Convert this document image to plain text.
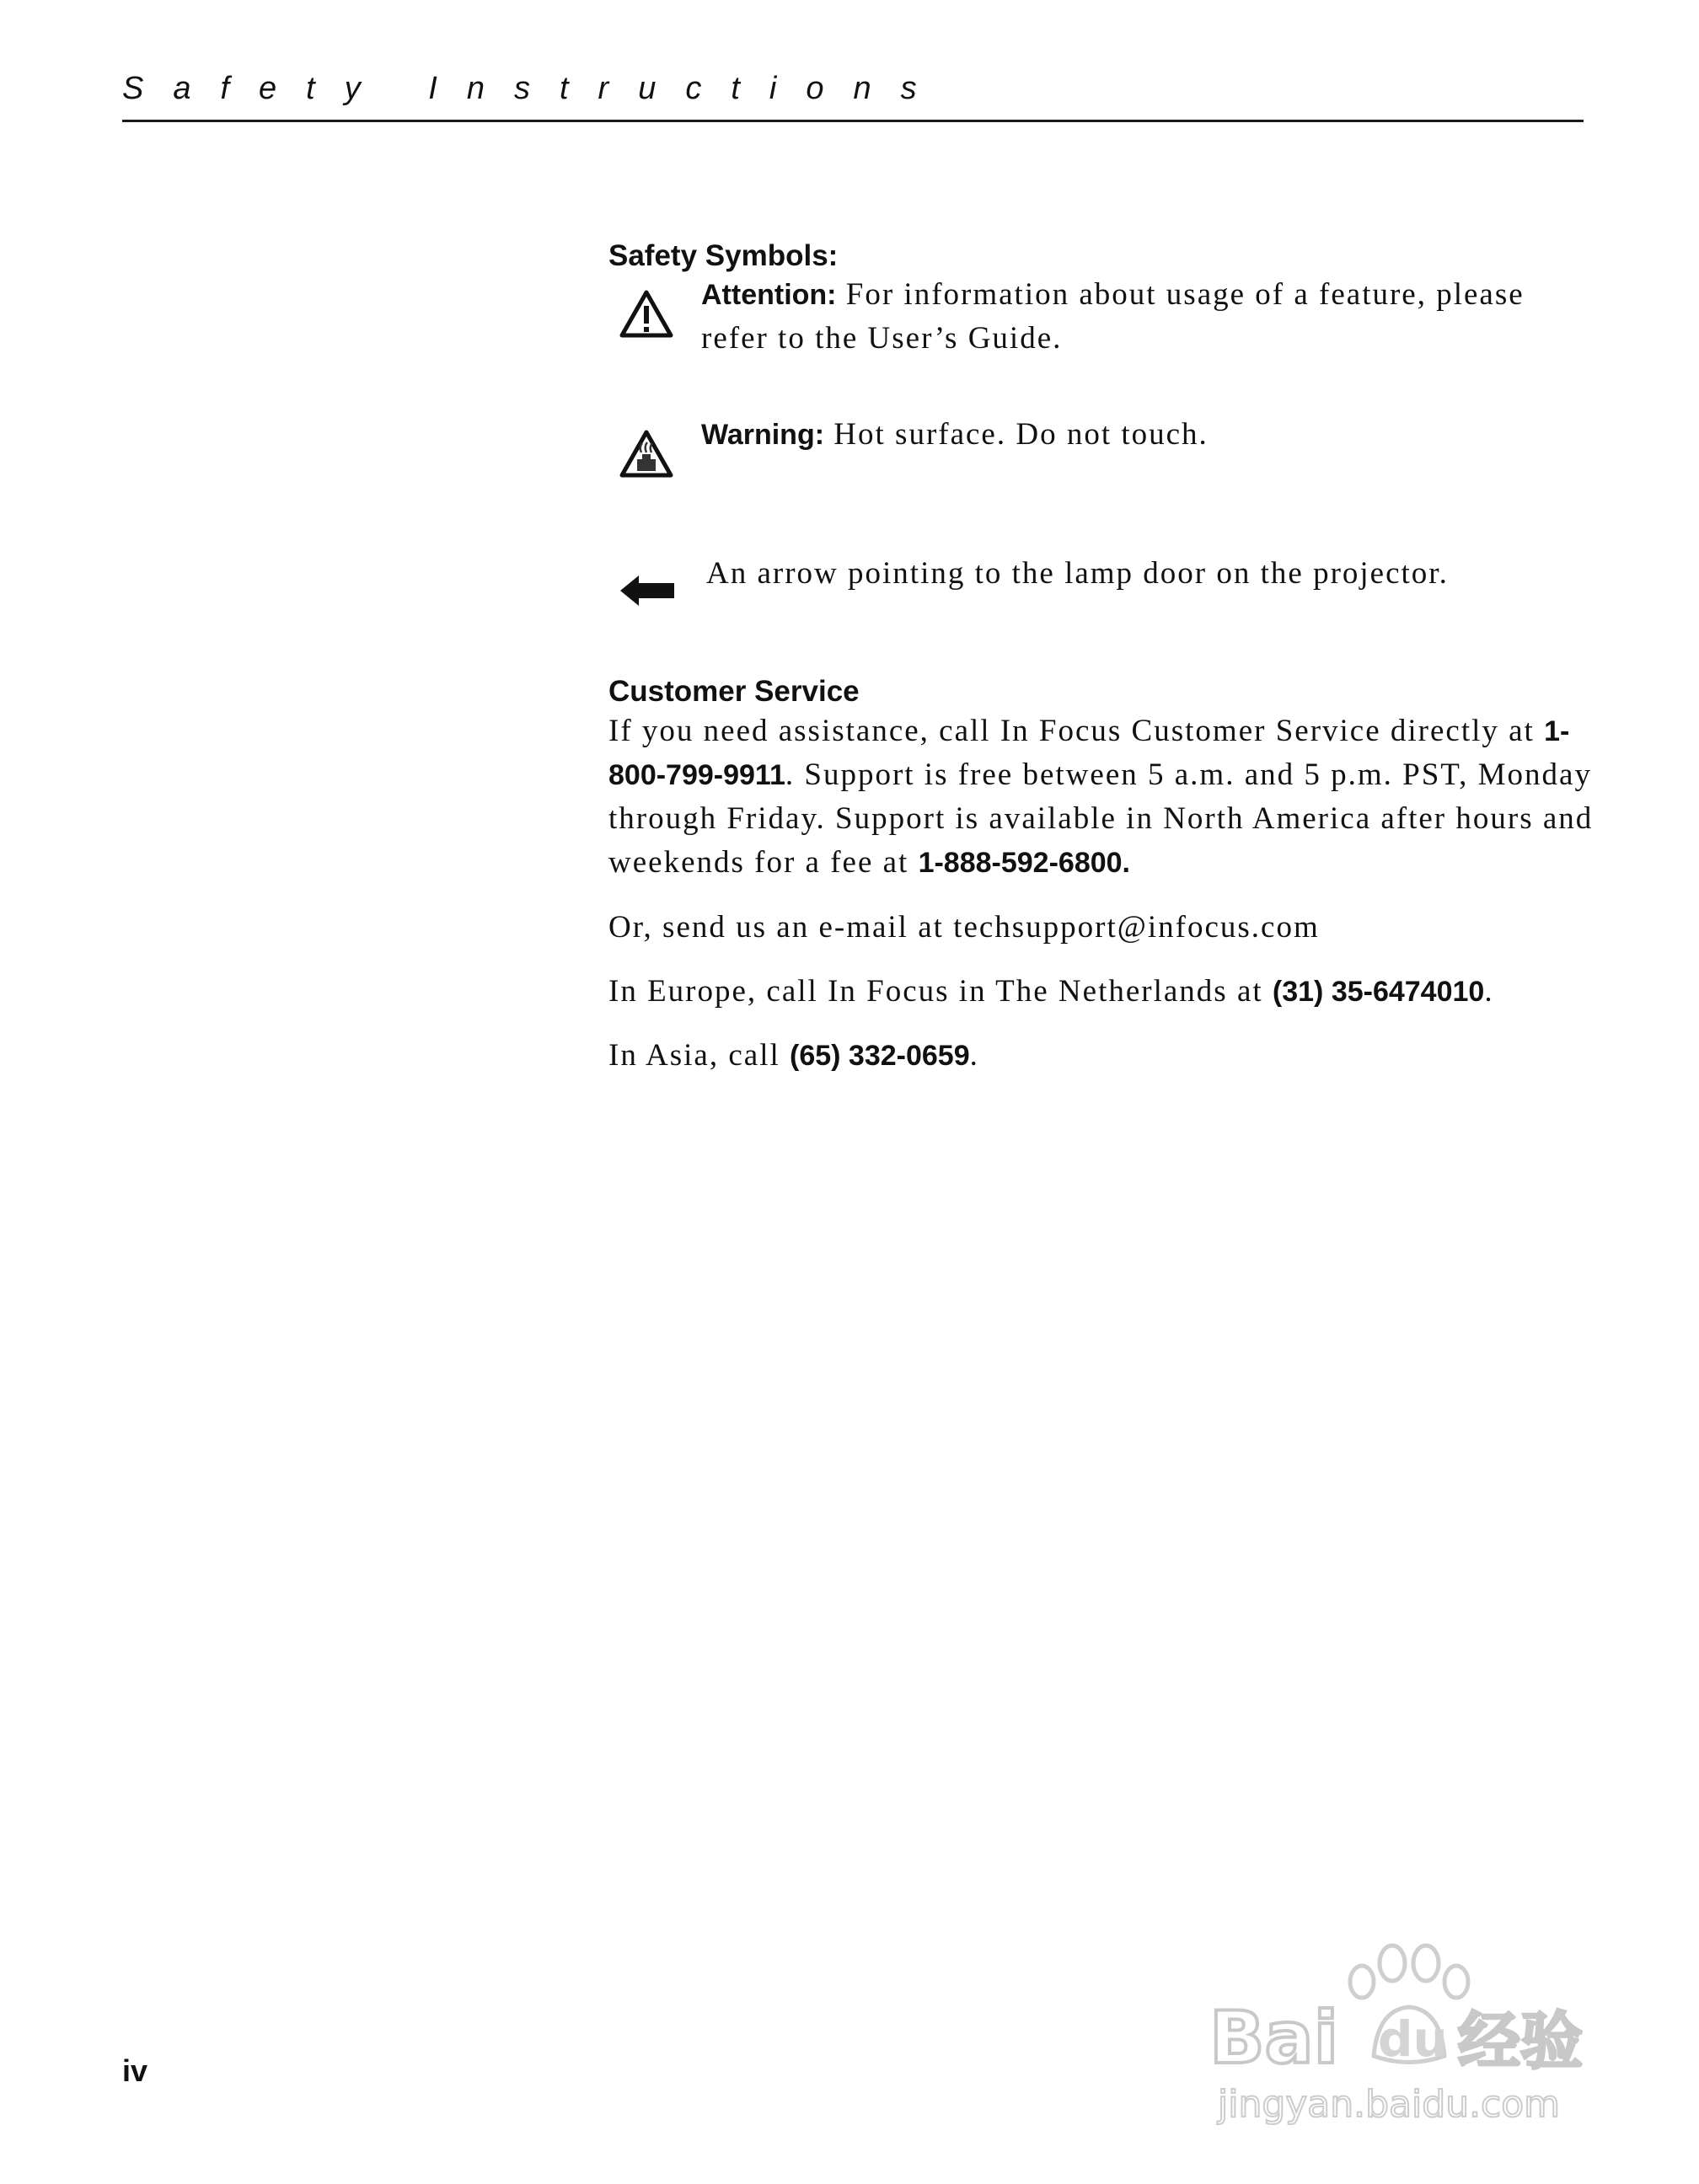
Safety Instructions
Safety Symbols:
Attention: For information about usage of a feature, please refer to the User’s Guide.
Warning: Hot surface. Do not touch.
An arrow pointing to the lamp door on the projector.
Customer Service
If you need assistance, call In Focus Customer Service directly at 1-800-799-9911. Support is free between 5 a.m. and 5 p.m. PST, Monday through Friday. Support is available in North America after hours and weekends for a fee at 1-888-592-6800.
Or, send us an e-mail at techsupport@infocus.com
In Europe, call In Focus in The Netherlands at (31) 35-6474010.
In Asia, call (65) 332-0659.
iv	Bai du 经验
jingyan.baidu.com
